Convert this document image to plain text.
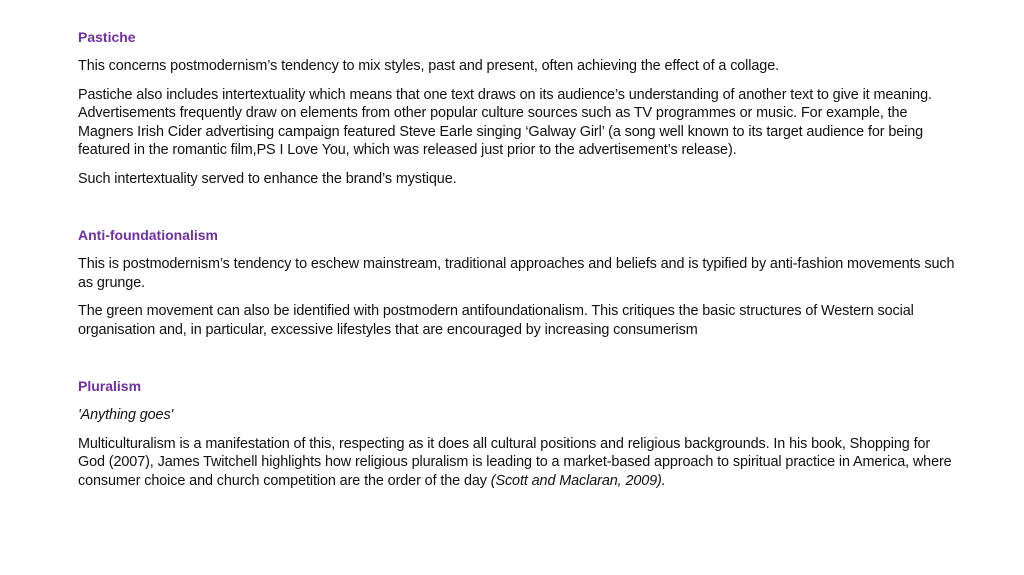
Pastiche

This concerns postmodernism’s tendency to mix styles, past and present, often achieving the effect of a collage.

Pastiche also includes intertextuality which means that one text draws on its audience’s understanding of another text to give it meaning. Advertisements frequently draw on elements from other popular culture sources such as TV programmes or music. For example, the Magners Irish Cider advertising campaign featured Steve Earle singing ‘Galway Girl’ (a song well known to its target audience for being featured in the romantic film,PS I Love You, which was released just prior to the advertisement’s release).

Such intertextuality served to enhance the brand’s mystique.

Anti-foundationalism

This is postmodernism’s tendency to eschew mainstream, traditional approaches and beliefs and is typified by anti-fashion movements such as grunge.

The green movement can also be identified with postmodern antifoundationalism. This critiques the basic structures of Western social organisation and, in particular, excessive lifestyles that are encouraged by increasing consumerism

Pluralism

'Anything goes'

Multiculturalism is a manifestation of this, respecting as it does all cultural positions and religious backgrounds. In his book, Shopping for God (2007), James Twitchell highlights how religious pluralism is leading to a market-based approach to spiritual practice in America, where consumer choice and church competition are the order of the day (Scott and Maclaran, 2009).
